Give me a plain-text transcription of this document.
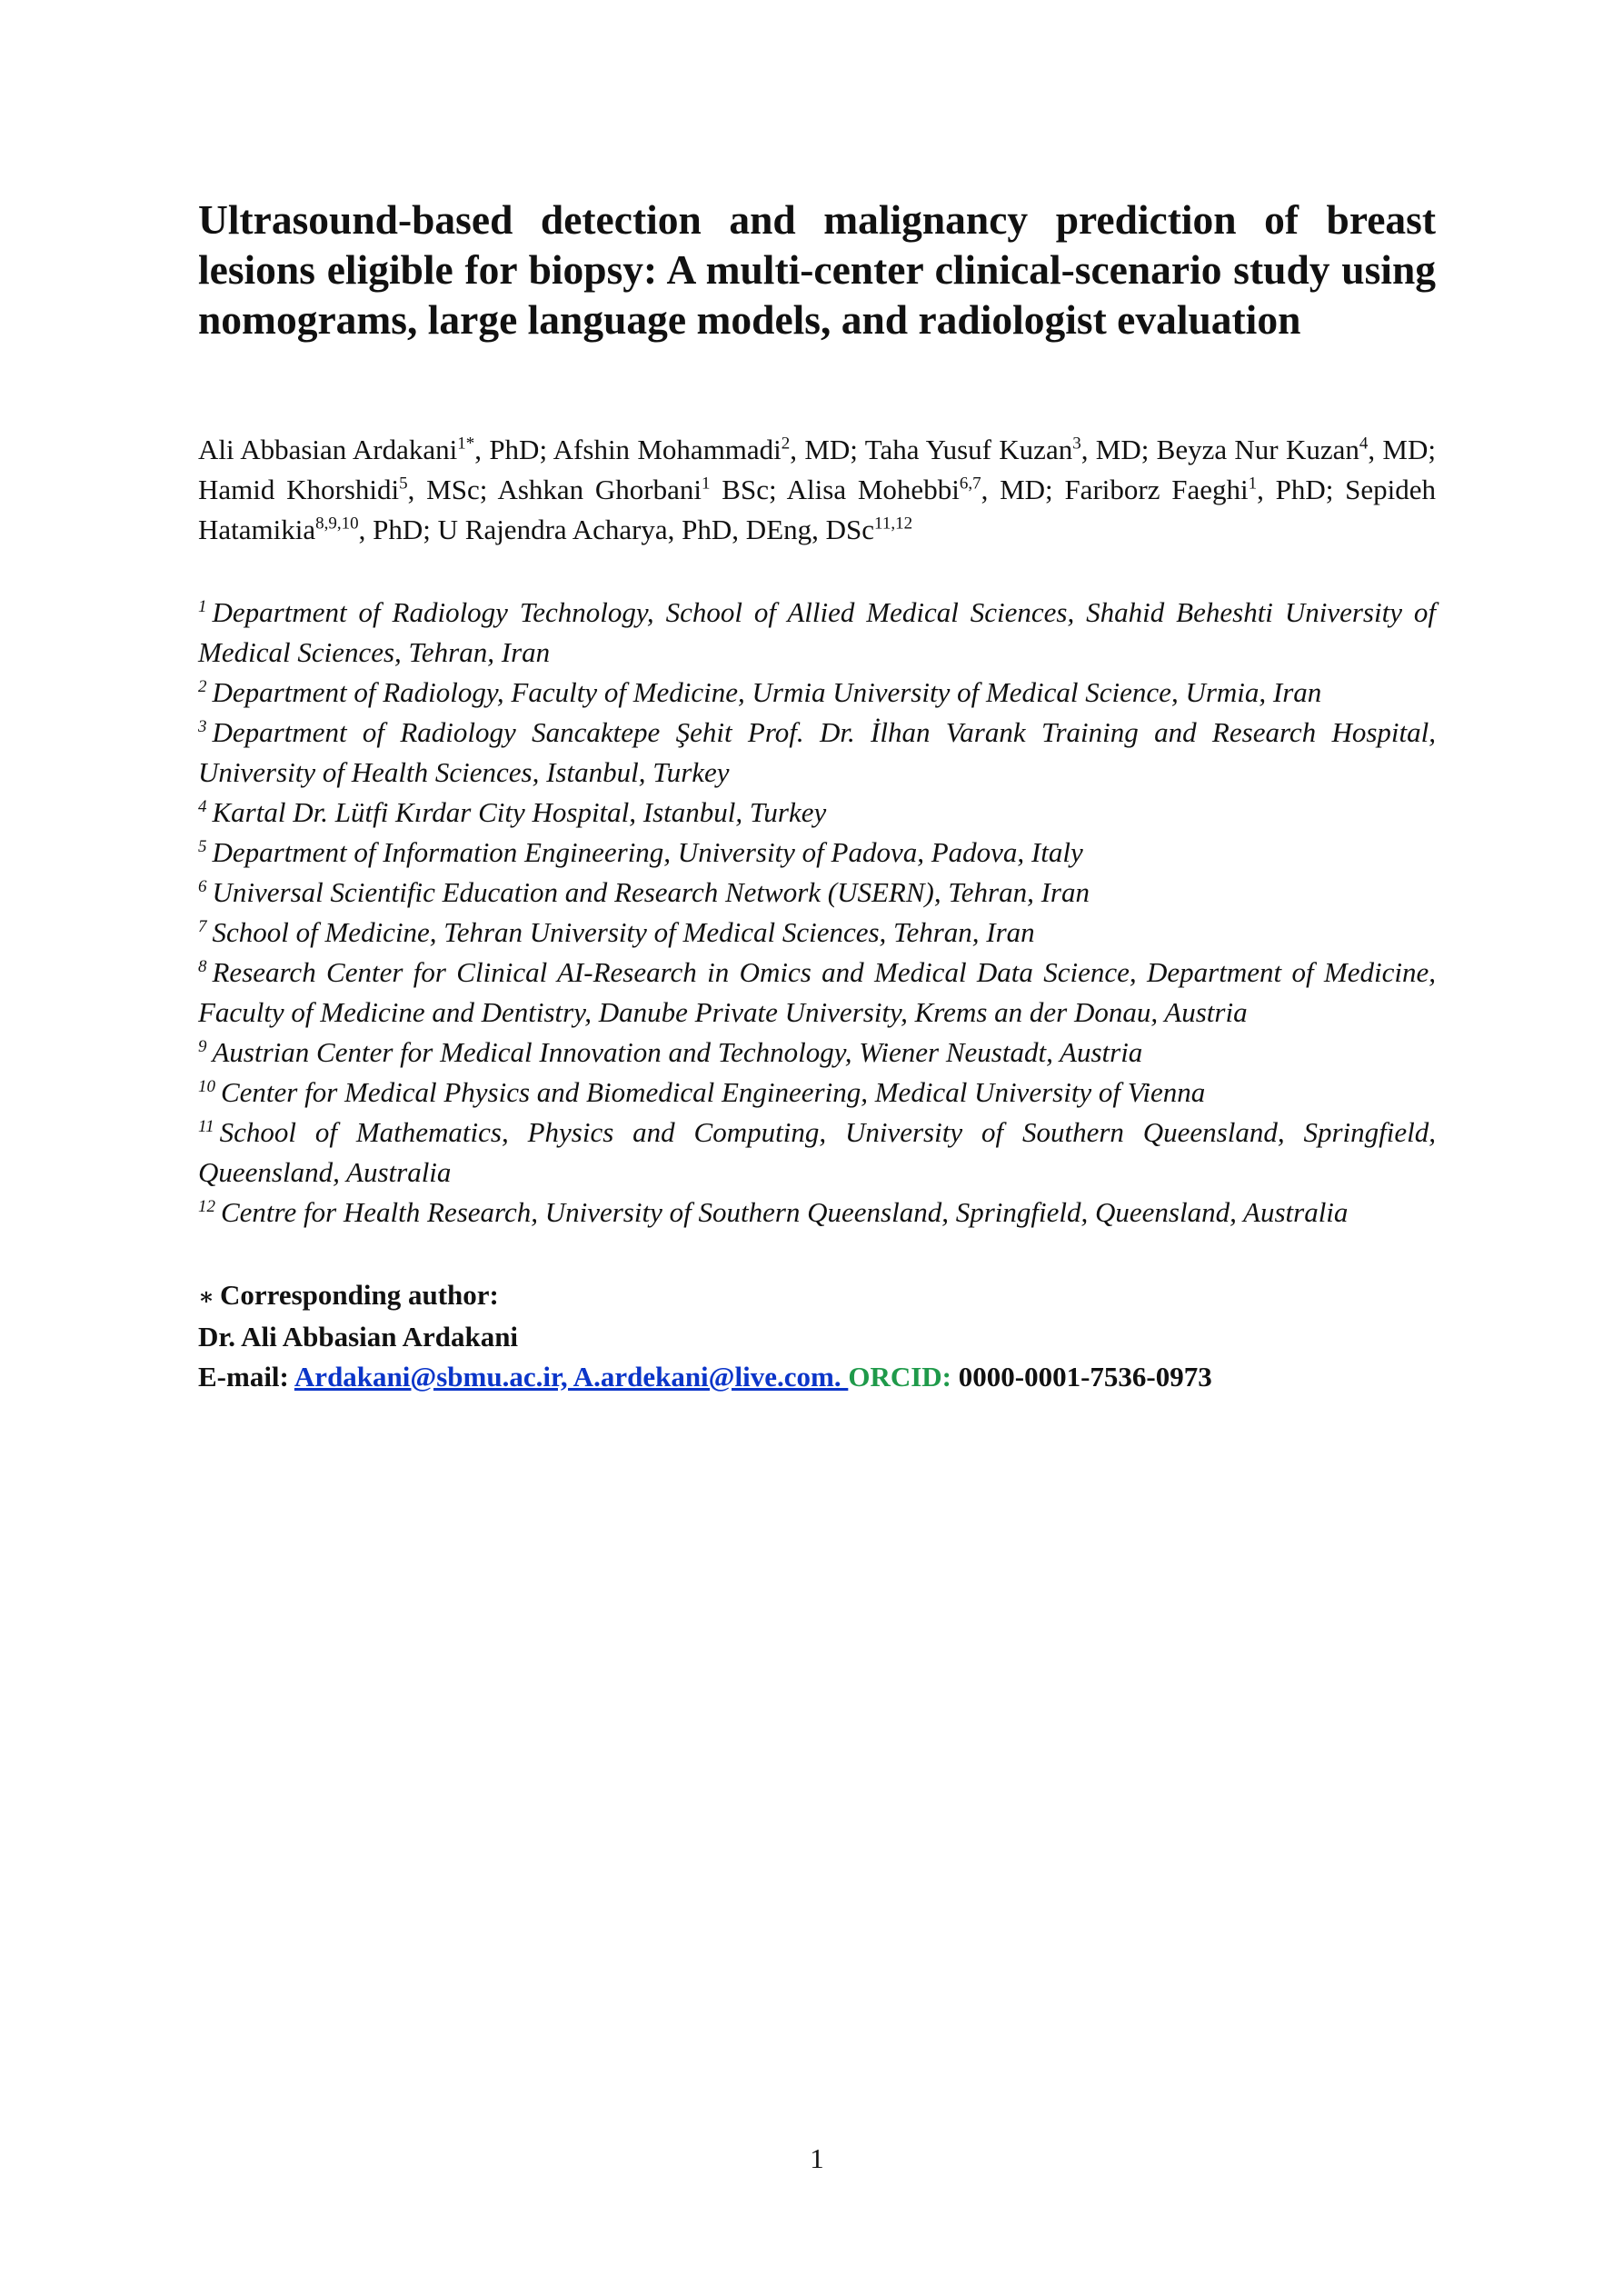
Ultrasound-based detection and malignancy prediction of breast lesions eligible for biopsy: A multi-center clinical-scenario study using nomograms, large language models, and radiologist evaluation

Ali Abbasian Ardakani$^{1*}$, PhD; Afshin Mohammadi$^2$, MD; Taha Yusuf Kuzan$^3$, MD; Beyza Nur Kuzan$^4$, MD; Hamid Khorshidi$^5$, MSc; Ashkan Ghorbani$^1$ BSc; Alisa Mohebbi$^{6,7}$, MD; Fariborz Faeghi$^1$, PhD; Sepideh Hatamikia$^{8,9,10}$, PhD; U Rajendra Acharya, PhD, DEng, DSc$^{11,12}$

$^1$ Department of Radiology Technology, School of Allied Medical Sciences, Shahid Beheshti University of Medical Sciences, Tehran, Iran
$^2$ Department of Radiology, Faculty of Medicine, Urmia University of Medical Science, Urmia, Iran
$^3$ Department of Radiology Sancaktepe Şehit Prof. Dr. İlhan Varank Training and Research Hospital, University of Health Sciences, Istanbul, Turkey
$^4$ Kartal Dr. Lütfi Kırdar City Hospital, Istanbul, Turkey
$^5$ Department of Information Engineering, University of Padova, Padova, Italy
$^6$ Universal Scientific Education and Research Network (USERN), Tehran, Iran
$^7$ School of Medicine, Tehran University of Medical Sciences, Tehran, Iran
$^8$ Research Center for Clinical AI-Research in Omics and Medical Data Science, Department of Medicine, Faculty of Medicine and Dentistry, Danube Private University, Krems an der Donau, Austria
$^9$ Austrian Center for Medical Innovation and Technology, Wiener Neustadt, Austria
$^{10}$ Center for Medical Physics and Biomedical Engineering, Medical University of Vienna
$^{11}$ School of Mathematics, Physics and Computing, University of Southern Queensland, Springfield, Queensland, Australia
$^{12}$ Centre for Health Research, University of Southern Queensland, Springfield, Queensland, Australia
∗ Corresponding author:
Dr. Ali Abbasian Ardakani
E-mail: Ardakani@sbmu.ac.ir, A.ardekani@live.com. ORCID: 0000-0001-7536-0973
1
